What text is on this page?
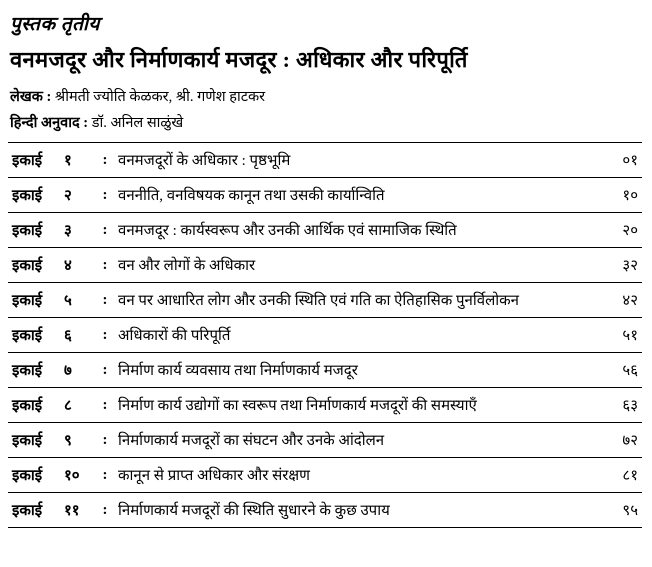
पुस्तक तृतीय
वनमजदूर और निर्माणकार्य मजदूर : अधिकार और परिपूर्ति
लेखक : श्रीमती ज्योति केळकर, श्री. गणेश हाटकर
हिन्दी अनुवाद : डॉ. अनिल साळुंखे
इकाई	१	: वनमजदूरों के अधिकार : पृष्ठभूमि	०१
इकाई	२	: वननीति, वनविषयक कानून तथा उसकी कार्यान्विति	१०
इकाई	३	: वनमजदूर : कार्यस्वरूप और उनकी आर्थिक एवं सामाजिक स्थिति	२०
इकाई	४	: वन और लोगों के अधिकार	३२
इकाई	५	: वन पर आधारित लोग और उनकी स्थिति एवं गति का ऐतिहासिक पुनर्विलोकन	४२
इकाई	६	: अधिकारों की परिपूर्ति	५१
इकाई	७	: निर्माण कार्य व्यवसाय तथा निर्माणकार्य मजदूर	५६
इकाई	८	: निर्माण कार्य उद्योगों का स्वरूप तथा निर्माणकार्य मजदूरों की समस्याएँ	६३
इकाई	९	: निर्माणकार्य मजदूरों का संघटन और उनके आंदोलन	७२
इकाई	१०	: कानून से प्राप्त अधिकार और संरक्षण	८१
इकाई	११	: निर्माणकार्य मजदूरों की स्थिति सुधारने के कुछ उपाय	९५
